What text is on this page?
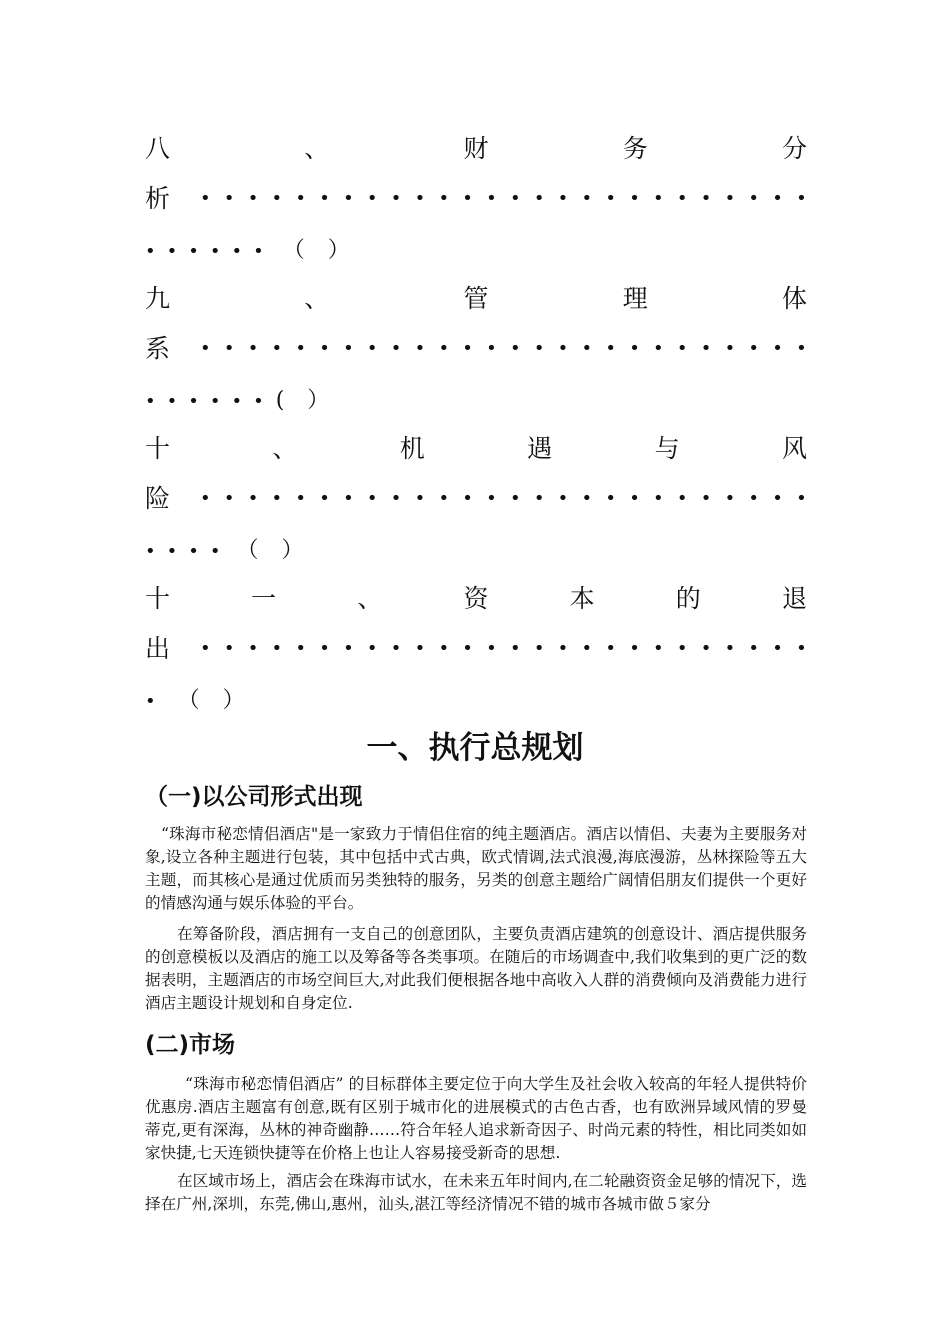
八	、	财	务	分
析 • • • • • • • • • • • • • • • • • • • • • • • • • •
• • • • • • （ ）
九	、	管	理	体
系 • • • • • • • • • • • • • • • • • • • • • • • • • •
• • • • • • ( ）
十	、	机	遇	与	风
险 • • • • • • • • • • • • • • • • • • • • • • • • • •
• • • • （ ）
十	一	、	资	本	的	退
出 • • • • • • • • • • • • • • • • • • • • • • • • • •
• （ ）
一、执行总规划
（一)以公司形式出现
“珠海市秘恋情侣酒店"是一家致力于情侣住宿的纯主题酒店。酒店以情侣、夫妻为主要服务对象,设立各种主题进行包装，其中包括中式古典，欧式情调,法式浪漫,海底漫游，丛林探险等五大主题，而其核心是通过优质而另类独特的服务，另类的创意主题给广阔情侣朋友们提供一个更好的情感沟通与娱乐体验的平台。
在筹备阶段，酒店拥有一支自己的创意团队，主要负责酒店建筑的创意设计、酒店提供服务的创意模板以及酒店的施工以及筹备等各类事项。在随后的市场调查中,我们收集到的更广泛的数据表明，主题酒店的市场空间巨大,对此我们便根据各地中高收入人群的消费倾向及消费能力进行酒店主题设计规划和自身定位.
(二)市场
“珠海市秘恋情侣酒店” 的目标群体主要定位于向大学生及社会收入较高的年轻人提供特价优惠房.酒店主题富有创意,既有区别于城市化的进展模式的古色古香，也有欧洲异域风情的罗曼蒂克,更有深海，丛林的神奇幽静……符合年轻人追求新奇因子、时尚元素的特性，相比同类如如家快捷,七天连锁快捷等在价格上也让人容易接受新奇的思想.
在区域市场上，酒店会在珠海市试水，在未来五年时间内,在二轮融资资金足够的情况下，选择在广州,深圳，东莞,佛山,惠州，汕头,湛江等经济情况不错的城市各城市做５家分
